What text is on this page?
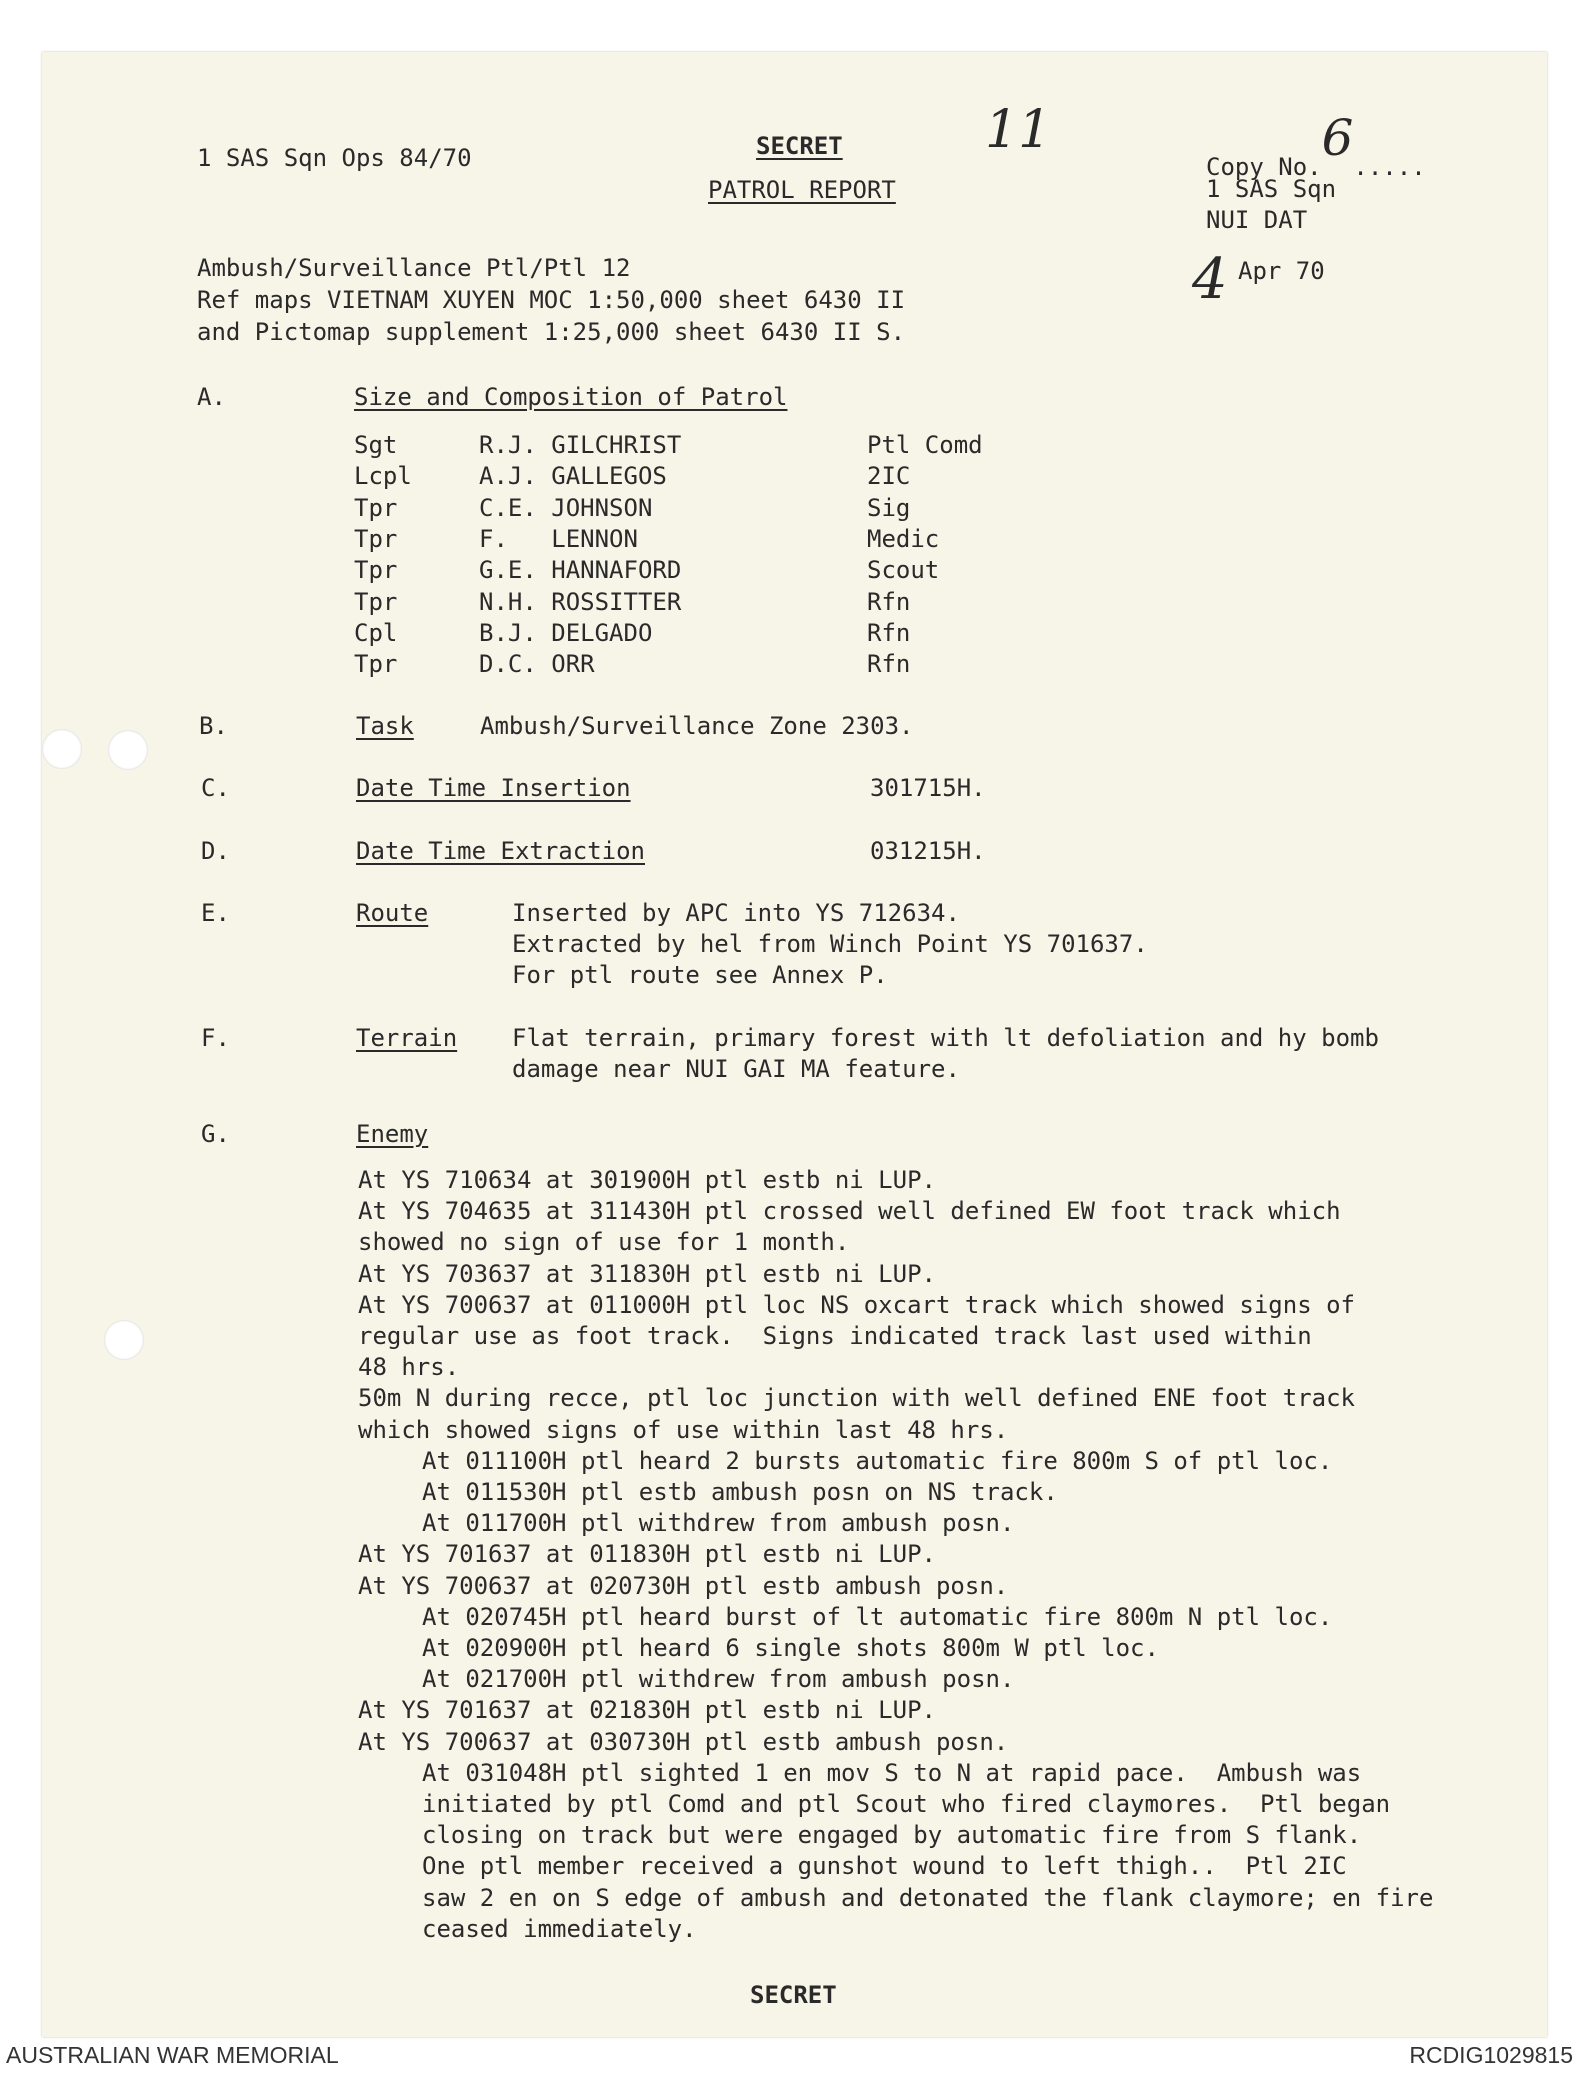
1 SAS Sqn Ops 84/70	SECRET
PATROL REPORT
11
Copy No.6.....
1 SAS Sqn
NUI DAT
4 Apr 70
Ambush/Surveillance Ptl/Ptl 12
Ref maps VIETNAM XUYEN MOC 1:50,000 sheet 6430 II
and Pictomap supplement 1:25,000 sheet 6430 II S.
A.	Size and Composition of Patrol
Sgt	R.J. GILCHRIST	Ptl Comd
Lcpl	A.J. GALLEGOS	2IC
Tpr	C.E. JOHNSON	Sig
Tpr	F.   LENNON	Medic
Tpr	G.E. HANNAFORD	Scout
Tpr	N.H. ROSSITTER	Rfn
Cpl	B.J. DELGADO	Rfn
Tpr	D.C. ORR	Rfn
B.	Task	Ambush/Surveillance Zone 2303.
C.	Date Time Insertion	301715H.
D.	Date Time Extraction	031215H.
E.	Route	Inserted by APC into YS 712634.
Extracted by hel from Winch Point YS 701637.
For ptl route see Annex P.
F.	Terrain Flat terrain, primary forest with lt defoliation and hy bomb
damage near NUI GAI MA feature.
G.	Enemy
At YS 710634 at 301900H ptl estb ni LUP.
At YS 704635 at 311430H ptl crossed well defined EW foot track which
showed no sign of use for 1 month.
At YS 703637 at 311830H ptl estb ni LUP.
At YS 700637 at 011000H ptl loc NS oxcart track which showed signs of
regular use as foot track.  Signs indicated track last used within
48 hrs.
50m N during recce, ptl loc junction with well defined ENE foot track
which showed signs of use within last 48 hrs.
At 011100H ptl heard 2 bursts automatic fire 800m S of ptl loc.
At 011530H ptl estb ambush posn on NS track.
At 011700H ptl withdrew from ambush posn.
At YS 701637 at 011830H ptl estb ni LUP.
At YS 700637 at 020730H ptl estb ambush posn.
At 020745H ptl heard burst of lt automatic fire 800m N ptl loc.
At 020900H ptl heard 6 single shots 800m W ptl loc.
At 021700H ptl withdrew from ambush posn.
At YS 701637 at 021830H ptl estb ni LUP.
At YS 700637 at 030730H ptl estb ambush posn.
At 031048H ptl sighted 1 en mov S to N at rapid pace.  Ambush was
initiated by ptl Comd and ptl Scout who fired claymores.  Ptl began
closing on track but were engaged by automatic fire from S flank.
One ptl member received a gunshot wound to left thigh..  Ptl 2IC
saw 2 en on S edge of ambush and detonated the flank claymore; en fire
ceased immediately.
SECRET
AUSTRALIAN WAR MEMORIAL	RCDIG1029815
